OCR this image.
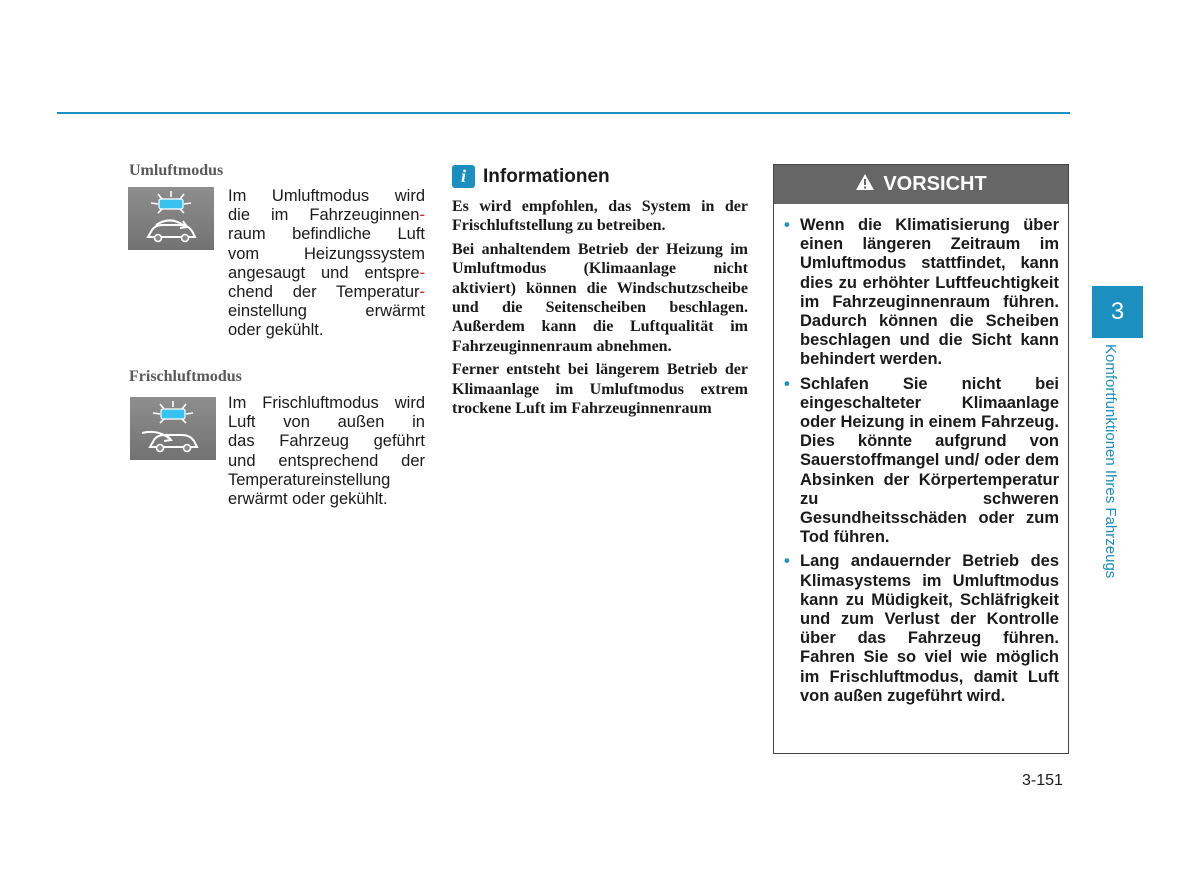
Umluftmodus
Im Umluftmodus wird
die im Fahrzeuginnen-
raum befindliche Luft
vom Heizungssystem
angesaugt und entspre-
chend der Temperatur-
einstellung erwärmt
oder gekühlt.
Frischluftmodus
Im Frischluftmodus wird
Luft von außen in
das Fahrzeug geführt
und entsprechend der
Temperatureinstellung
erwärmt oder gekühlt.
i Informationen

Es wird empfohlen, das System in der Frischluftstellung zu betreiben.

Bei anhaltendem Betrieb der Heizung im Umluftmodus (Klimaanlage nicht aktiviert) können die Windschutzscheibe und die Seitenscheiben beschlagen. Außerdem kann die Luftqualität im Fahrzeuginnenraum abnehmen.

Ferner entsteht bei längerem Betrieb der Klimaanlage im Umluftmodus extrem trockene Luft im Fahrzeuginnenraum

VORSICHT
• Wenn die Klimatisierung über einen längeren Zeitraum im Umluftmodus stattfindet, kann dies zu erhöhter Luftfeuchtigkeit im Fahrzeuginnenraum führen. Dadurch können die Scheiben beschlagen und die Sicht kann behindert werden.
• Schlafen Sie nicht bei eingeschalteter Klimaanlage oder Heizung in einem Fahrzeug. Dies könnte aufgrund von Sauerstoffmangel und/ oder dem Absinken der Körpertemperatur zu schweren Gesundheitsschäden oder zum Tod führen.
• Lang andauernder Betrieb des Klimasystems im Umluftmodus kann zu Müdigkeit, Schläfrigkeit und zum Verlust der Kontrolle über das Fahrzeug führen. Fahren Sie so viel wie möglich im Frischluftmodus, damit Luft von außen zugeführt wird.
3
Komfortfunktionen Ihres Fahrzeugs
3-151
